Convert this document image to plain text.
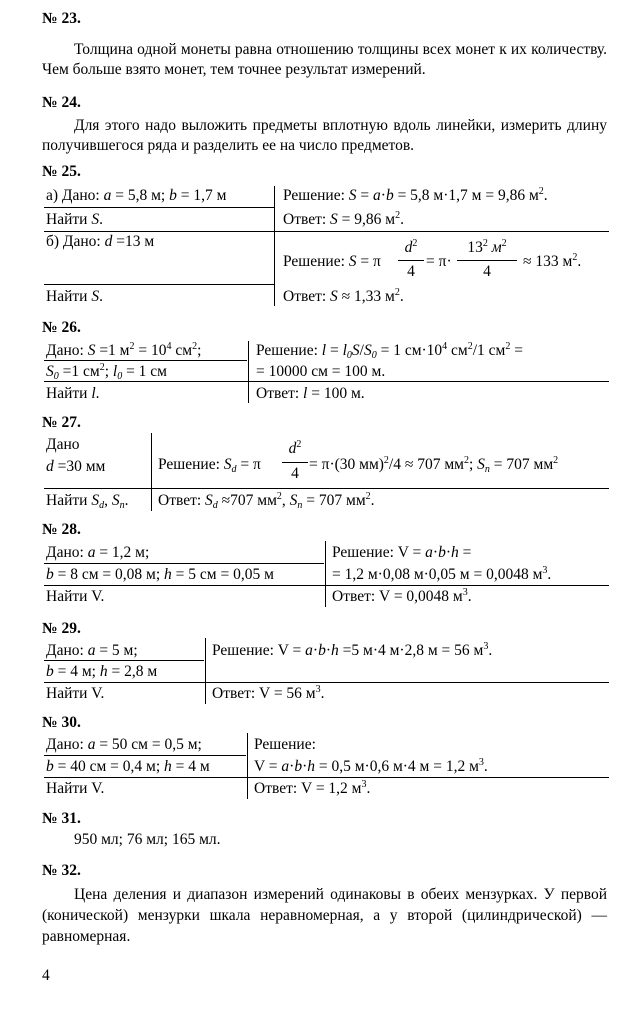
№ 23.
Толщина одной монеты равна отношению толщины всех монет к их количеству. Чем больше взято монет, тем точнее результат измерений.
№ 24.
Для этого надо выложить предметы вплотную вдоль линейки, измерить длину получившегося ряда и разделить ее на число предметов.
№ 25.
а) Дано: a = 5,8 м; b = 1,7 м
Найти S.
Решение: S = a·b = 5,8 м·1,7 м = 9,86 $м^2$.
Ответ: S = 9,86 $м^2$.
б) Дано: d =13 м
Найти S.
Решение: S = π
$d^2$
4
= π·
$13^2$ $м^2$
4
≈ 133 $м^2$.
Ответ: S ≈ 1,33 $м^2$.
№ 26.
Дано: S =1 $м^2 = 10^4$ $см^2$;
$S_0 =1$ $см^2$; $l_0 = 1$ см
Найти l.
Решение: $l = l_0S/S_0 = 1$ $см\cdot 10^4$ $см^2/1$ $см^2$ =
= 10000 см = 100 м.
Ответ: l = 100 м.
№ 27.
Дано
d =30 мм
Найти $S_d$, $S_n$.
Решение: $S_d = \pi$
$d^2$
4
= π·(30 мм)$^2$/4 ≈ 707 $мм^2$; $S_n = 707$ $мм^2$
Ответ: $S_d \approx 707$ $мм^2$, $S_n = 707$ $мм^2$.
№ 28.
Дано: a = 1,2 м;
b = 8 см = 0,08 м; h = 5 см = 0,05 м
Найти V.
Решение: V = a·b·h =
= 1,2 м·0,08 м·0,05 м = 0,0048 $м^3$.
Ответ: V = 0,0048 $м^3$.
№ 29.
Дано: a = 5 м;
b = 4 м; h = 2,8 м
Найти V.
Решение: V = a·b·h =5 м·4 м·2,8 м = 56 $м^3$.
Ответ: V = 56 $м^3$.
№ 30.
Дано: a = 50 см = 0,5 м;
b = 40 см = 0,4 м; h = 4 м
Найти V.
Решение:
V = a·b·h = 0,5 м·0,6 м·4 м = 1,2 $м^3$.
Ответ: V = 1,2 $м^3$.
№ 31.
950 мл; 76 мл; 165 мл.
№ 32.
Цена деления и диапазон измерений одинаковы в обеих мензурках. У первой (конической) мензурки шкала неравномерная, а у второй (цилиндрической) — равномерная.
4
